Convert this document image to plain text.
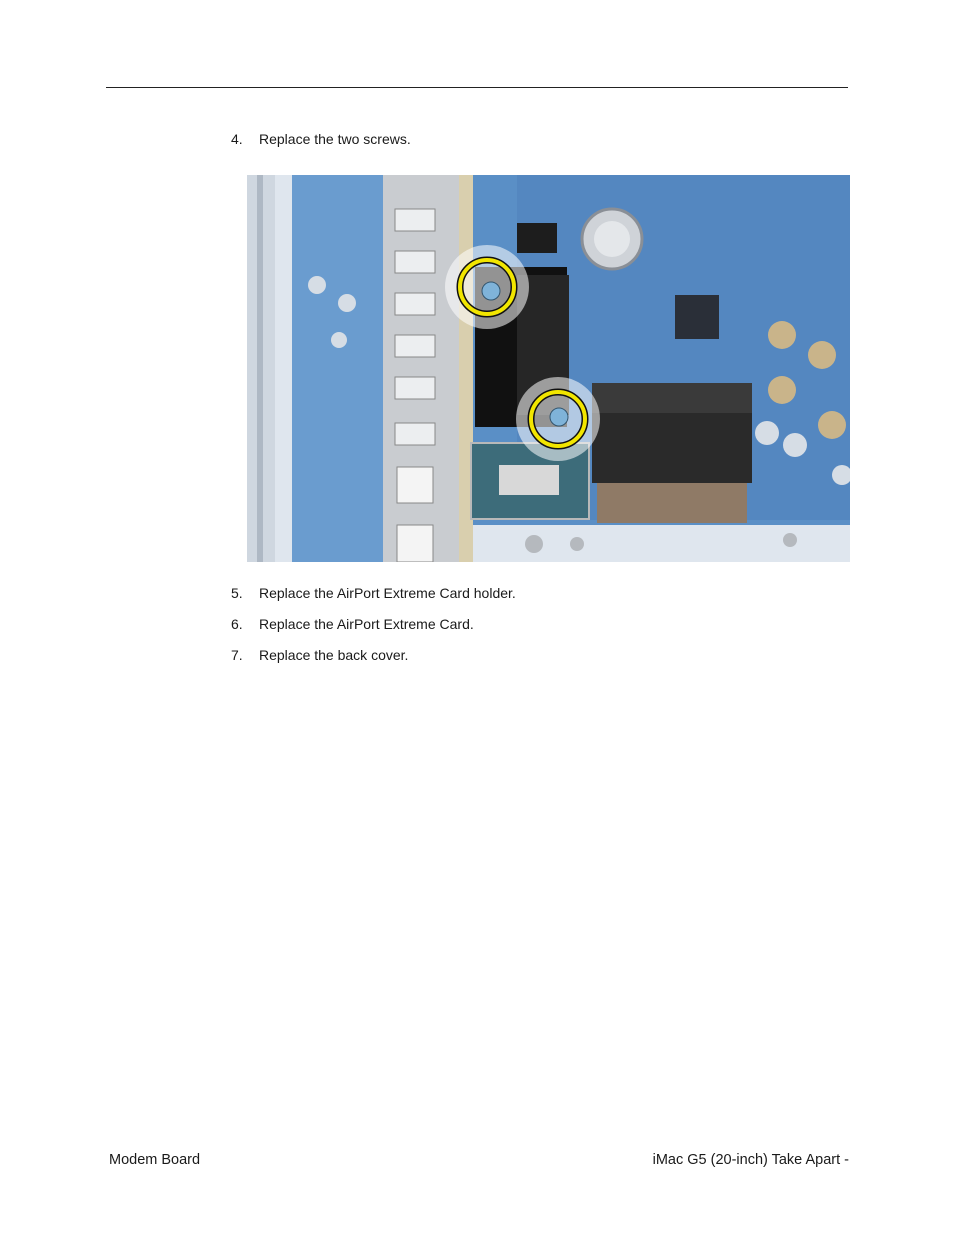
4. Replace the two screws.
5. Replace the AirPort Extreme Card holder.
6. Replace the AirPort Extreme Card.
7. Replace the back cover.
Modem Board	iMac G5 (20-inch) Take Apart -
